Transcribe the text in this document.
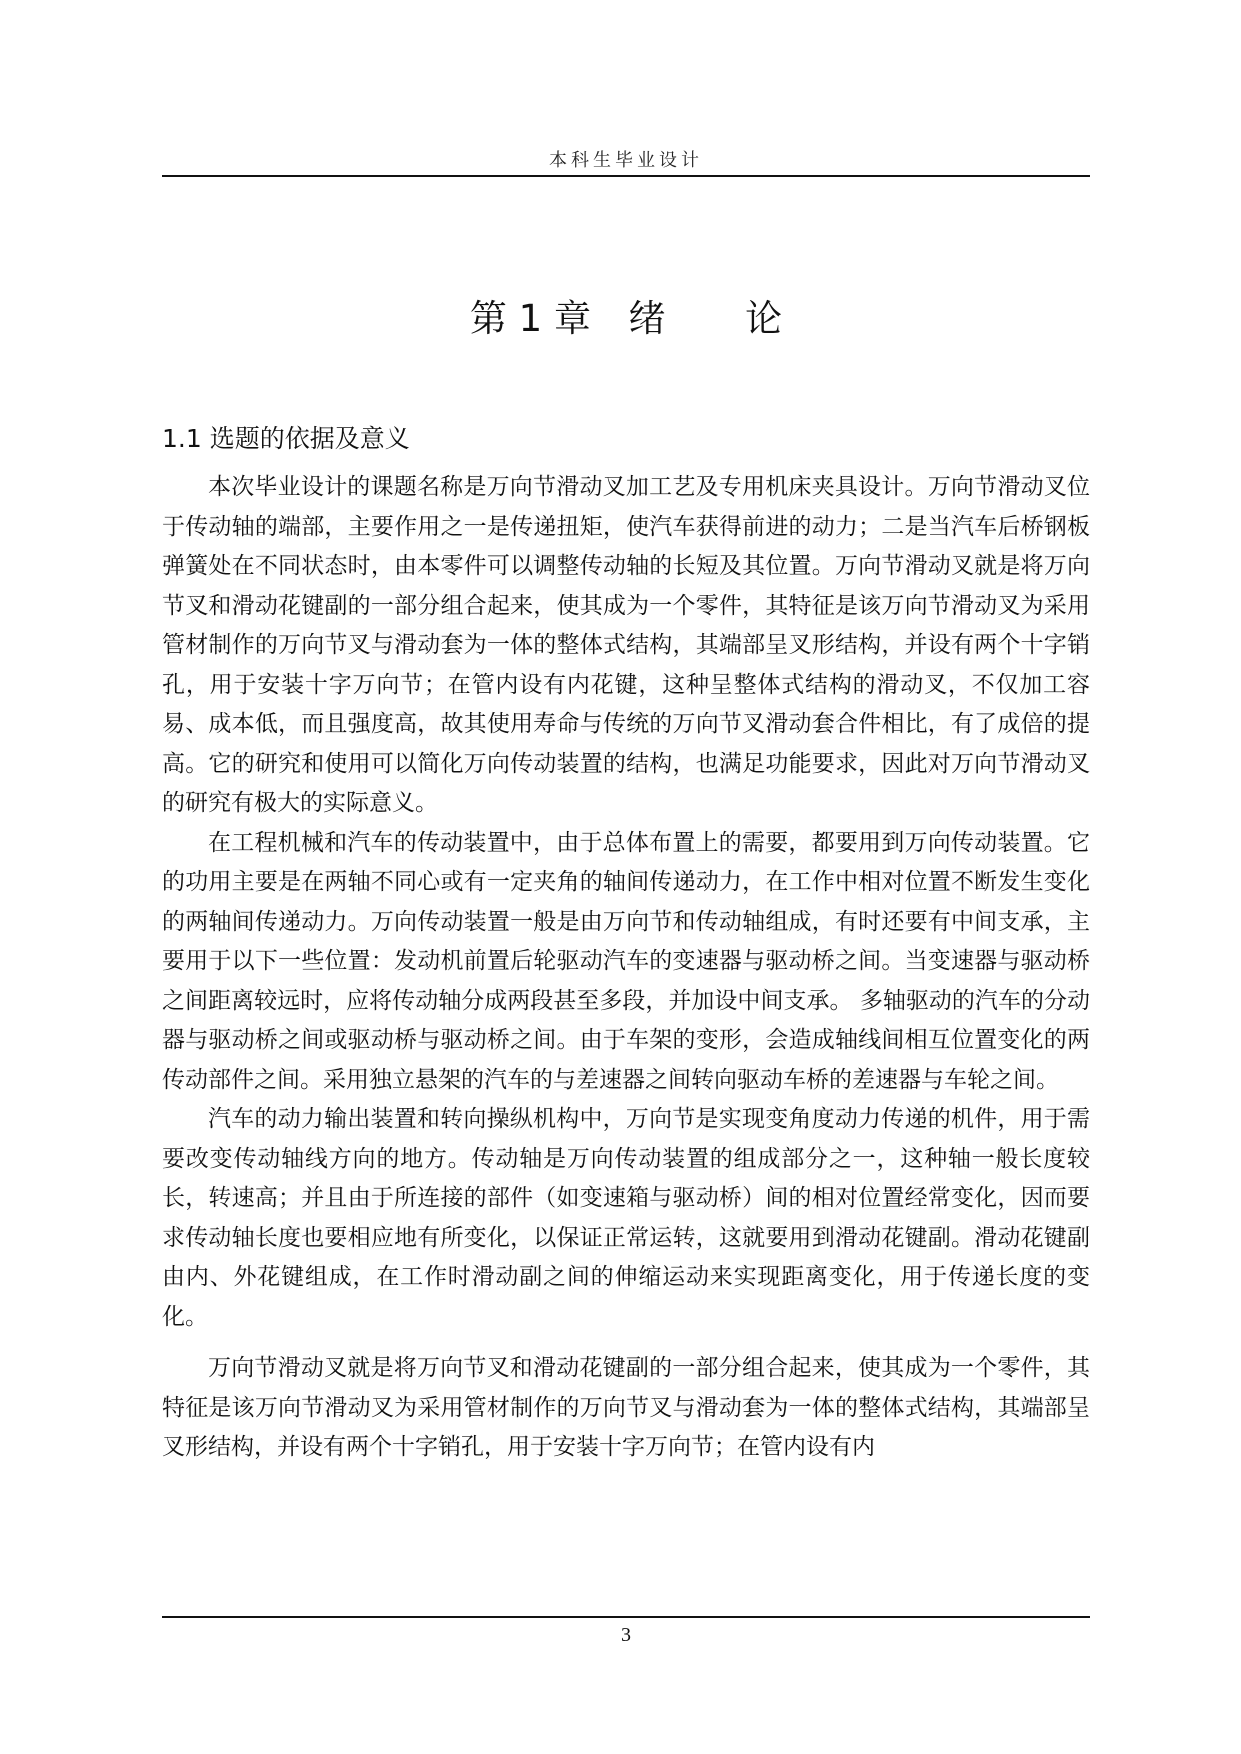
本科生毕业设计
第 1 章 绪 论
1.1 选题的依据及意义

本次毕业设计的课题名称是万向节滑动叉加工艺及专用机床夹具设计。万向节滑动叉位于传动轴的端部，主要作用之一是传递扭矩，使汽车获得前进的动力；二是当汽车后桥钢板弹簧处在不同状态时，由本零件可以调整传动轴的长短及其位置。万向节滑动叉就是将万向节叉和滑动花键副的一部分组合起来，使其成为一个零件，其特征是该万向节滑动叉为采用管材制作的万向节叉与滑动套为一体的整体式结构，其端部呈叉形结构，并设有两个十字销孔，用于安装十字万向节；在管内设有内花键，这种呈整体式结构的滑动叉，不仅加工容易、成本低，而且强度高，故其使用寿命与传统的万向节叉滑动套合件相比，有了成倍的提高。它的研究和使用可以简化万向传动装置的结构，也满足功能要求，因此对万向节滑动叉的研究有极大的实际意义。

在工程机械和汽车的传动装置中，由于总体布置上的需要，都要用到万向传动装置。它的功用主要是在两轴不同心或有一定夹角的轴间传递动力，在工作中相对位置不断发生变化的两轴间传递动力。万向传动装置一般是由万向节和传动轴组成，有时还要有中间支承，主要用于以下一些位置：发动机前置后轮驱动汽车的变速器与驱动桥之间。当变速器与驱动桥之间距离较远时，应将传动轴分成两段甚至多段，并加设中间支承。 多轴驱动的汽车的分动器与驱动桥之间或驱动桥与驱动桥之间。由于车架的变形，会造成轴线间相互位置变化的两传动部件之间。采用独立悬架的汽车的与差速器之间转向驱动车桥的差速器与车轮之间。

汽车的动力输出装置和转向操纵机构中，万向节是实现变角度动力传递的机件，用于需要改变传动轴线方向的地方。传动轴是万向传动装置的组成部分之一，这种轴一般长度较长，转速高；并且由于所连接的部件（如变速箱与驱动桥）间的相对位置经常变化，因而要求传动轴长度也要相应地有所变化，以保证正常运转，这就要用到滑动花键副。滑动花键副由内、外花键组成，在工作时滑动副之间的伸缩运动来实现距离变化，用于传递长度的变化。

万向节滑动叉就是将万向节叉和滑动花键副的一部分组合起来，使其成为一个零件，其特征是该万向节滑动叉为采用管材制作的万向节叉与滑动套为一体的整体式结构，其端部呈叉形结构，并设有两个十字销孔，用于安装十字万向节；在管内设有内

3
